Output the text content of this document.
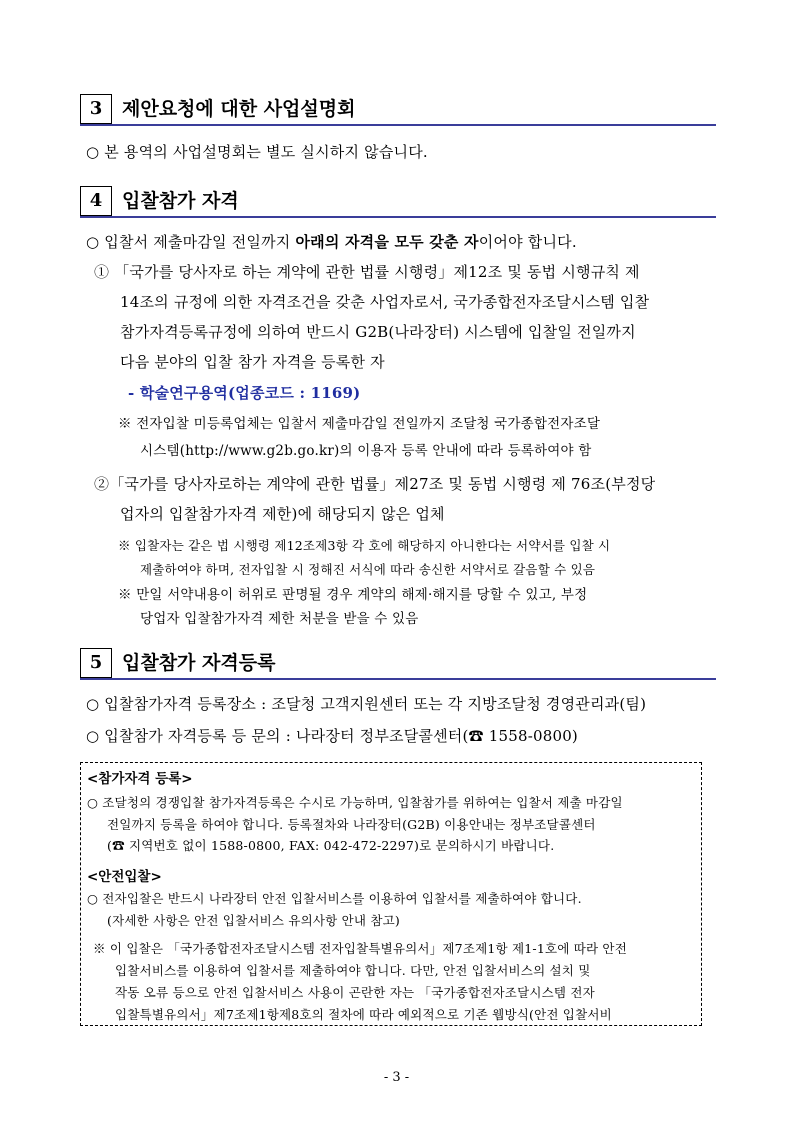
3	제안요청에 대한 사업설명회
○ 본 용역의 사업설명회는 별도 실시하지 않습니다.
4	입찰참가 자격
○ 입찰서 제출마감일 전일까지 아래의 자격을 모두 갖춘 자이어야 합니다.
① 「국가를 당사자로 하는 계약에 관한 법률 시행령」제12조 및 동법 시행규칙 제
14조의 규정에 의한 자격조건을 갖춘 사업자로서, 국가종합전자조달시스템 입찰
참가자격등록규정에 의하여 반드시 G2B(나라장터) 시스템에 입찰일 전일까지
다음 분야의 입찰 참가 자격을 등록한 자
- 학술연구용역(업종코드 : 1169)
※ 전자입찰 미등록업체는 입찰서 제출마감일 전일까지 조달청 국가종합전자조달
시스템(http://www.g2b.go.kr)의 이용자 등록 안내에 따라 등록하여야 함
②「국가를 당사자로하는 계약에 관한 법률」제27조 및 동법 시행령 제 76조(부정당
업자의 입찰참가자격 제한)에 해당되지 않은 업체
※ 입찰자는 같은 법 시행령 제12조제3항 각 호에 해당하지 아니한다는 서약서를 입찰 시
제출하여야 하며, 전자입찰 시 정해진 서식에 따라 송신한 서약서로 갈음할 수 있음
※ 만일 서약내용이 허위로 판명될 경우 계약의 해제·해지를 당할 수 있고, 부정
당업자 입찰참가자격 제한 처분을 받을 수 있음
5	입찰참가 자격등록
○ 입찰참가자격 등록장소 : 조달청 고객지원센터 또는 각 지방조달청 경영관리과(팀)
○ 입찰참가 자격등록 등 문의 : 나라장터 정부조달콜센터(☎ 1558-0800)
<참가자격 등록>
○ 조달청의 경쟁입찰 참가자격등록은 수시로 가능하며, 입찰참가를 위하여는 입찰서 제출 마감일
전일까지 등록을 하여야 합니다. 등록절차와 나라장터(G2B) 이용안내는 정부조달콜센터
(☎ 지역번호 없이 1588-0800, FAX: 042-472-2297)로 문의하시기 바랍니다.
<안전입찰>
○ 전자입찰은 반드시 나라장터 안전 입찰서비스를 이용하여 입찰서를 제출하여야 합니다.
(자세한 사항은 안전 입찰서비스 유의사항 안내 참고)
※ 이 입찰은 「국가종합전자조달시스템 전자입찰특별유의서」제7조제1항 제1-1호에 따라 안전
입찰서비스를 이용하여 입찰서를 제출하여야 합니다. 다만, 안전 입찰서비스의 설치 및
작동 오류 등으로 안전 입찰서비스 사용이 곤란한 자는 「국가종합전자조달시스템 전자
입찰특별유의서」제7조제1항제8호의 절차에 따라 예외적으로 기존 웹방식(안전 입찰서비
- 3 -
